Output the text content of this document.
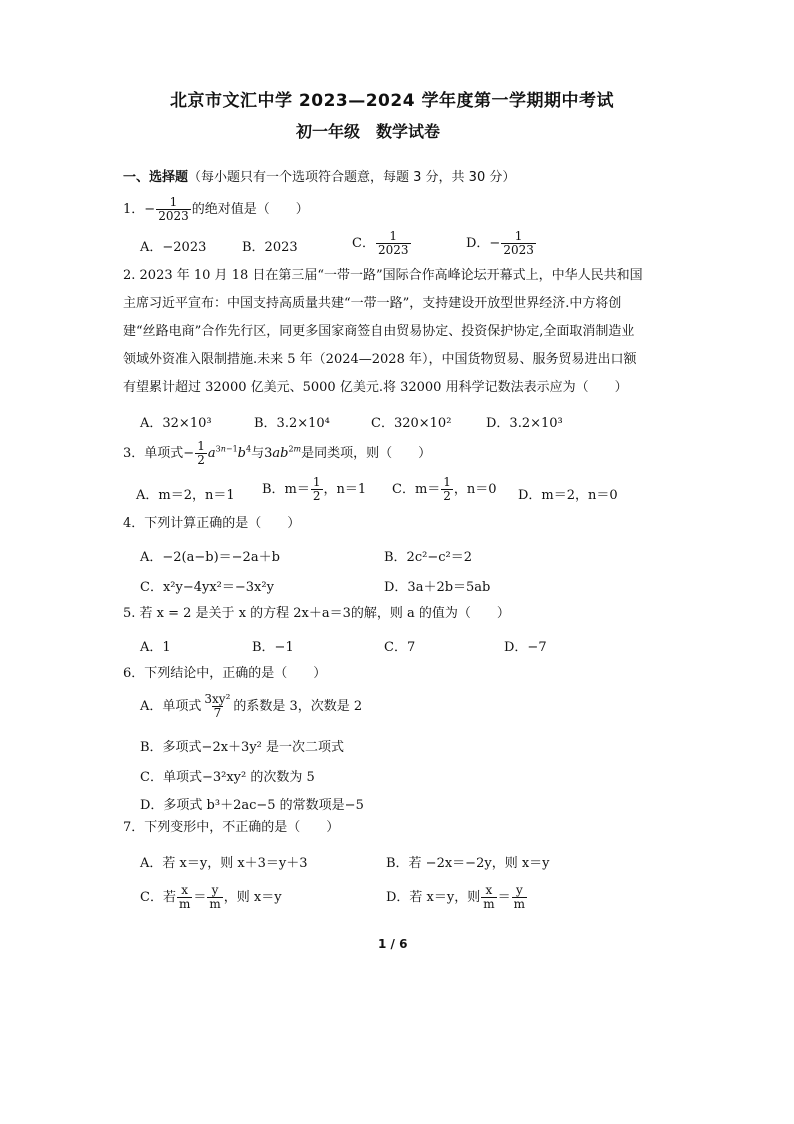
北京市文汇中学 2023—2024 学年度第一学期期中考试
初一年级　数学试卷
一、选择题（每小题只有一个选项符合题意，每题 3 分，共 30 分）
1．− $\frac{1}{2023}$ 的绝对值是（　　）
A．−2023	B．2023	C． $\frac{1}{2023}$	D．− $\frac{1}{2023}$
2. 2023 年 10 月 18 日在第三届“一带一路”国际合作高峰论坛开幕式上，中华人民共和国主席习近平宣布：中国支持高质量共建“一带一路”，支持建设开放型世界经济.中方将创建“丝路电商”合作先行区，同更多国家商签自由贸易协定、投资保护协定,全面取消制造业领域外资准入限制措施.未来 5 年（2024—2028 年），中国货物贸易、服务贸易进出口额有望累计超过 32000 亿美元、5000 亿美元.将 32000 用科学记数法表示应为（　　）
A．32×10³	B．3.2×10⁴	C．320×10²	D．3.2×10³
3．单项式− $\frac{1}{2} a^{3n-1}b^4$与$3ab^{2m}$是同类项，则（　　）
A．m＝2，n＝1 B．$m= \frac{1}{2}$ ，n＝1 C．$m= \frac{1}{2}$ ，n＝0 D．m＝2，n＝0
4．下列计算正确的是（　　）
A．−2(a−b)＝−2a＋b	B．2c²−c²＝2
C．x²y−4yx²＝−3x²y	D．3a＋2b＝5ab
5. 若 x = 2 是关于 x 的方程 2x＋a＝3的解，则 a 的值为（　　）
A．1	B．−1	C．7	D．−7
6．下列结论中，正确的是（　　）
A．单项式 $\frac{\text{3xy²}}{7}$ 的系数是 3，次数是 2
B．多项式−2x＋3y² 是一次二项式
C．单项式−3²xy² 的次数为 5
D．多项式 b³＋2ac−5 的常数项是−5
7．下列变形中，不正确的是（　　）
A．若 x＝y，则 x＋3＝y＋3	B．若 −2x＝−2y，则 x＝y
C．若 $\frac{x}{m} = \frac{y}{m}$ ，则 x＝y	D．若 x＝y，则 $\frac{x}{m} = \frac{y}{m}$
1 / 6
